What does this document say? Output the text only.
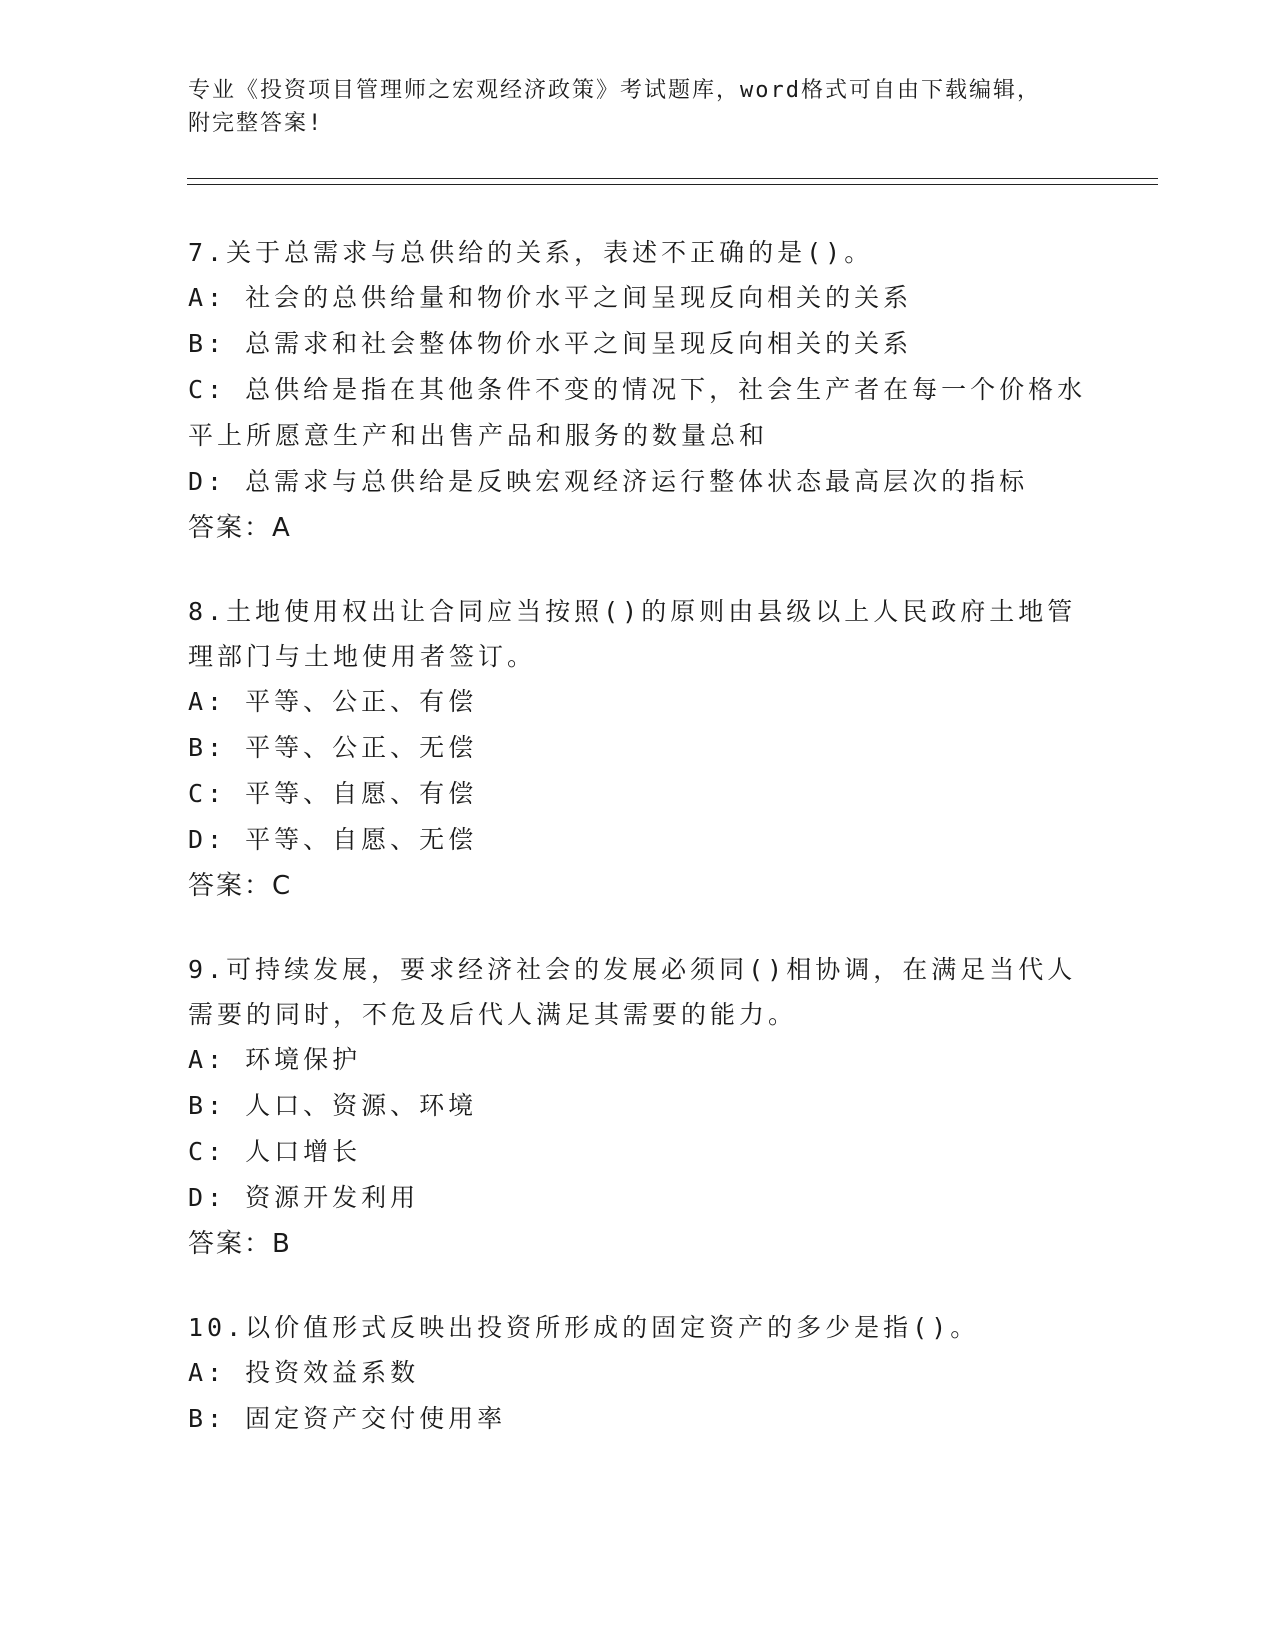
专业《投资项目管理师之宏观经济政策》考试题库，word格式可自由下载编辑，

附完整答案!

7.关于总需求与总供给的关系，表述不正确的是()。

A: 社会的总供给量和物价水平之间呈现反向相关的关系

B: 总需求和社会整体物价水平之间呈现反向相关的关系

C: 总供给是指在其他条件不变的情况下，社会生产者在每一个价格水

平上所愿意生产和出售产品和服务的数量总和

D: 总需求与总供给是反映宏观经济运行整体状态最高层次的指标

答案：A

8.土地使用权出让合同应当按照()的原则由县级以上人民政府土地管

理部门与土地使用者签订。

A: 平等、公正、有偿

B: 平等、公正、无偿

C: 平等、自愿、有偿

D: 平等、自愿、无偿

答案：C

9.可持续发展，要求经济社会的发展必须同()相协调，在满足当代人

需要的同时，不危及后代人满足其需要的能力。

A: 环境保护

B: 人口、资源、环境

C: 人口增长

D: 资源开发利用

答案：B

10.以价值形式反映出投资所形成的固定资产的多少是指()。

A: 投资效益系数

B: 固定资产交付使用率
